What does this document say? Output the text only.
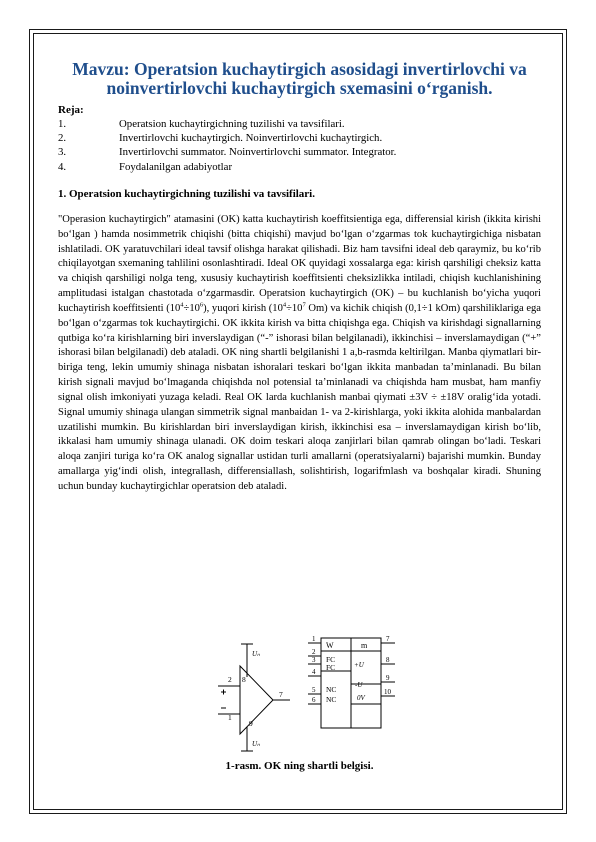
Mavzu: Operatsion kuchaytirgich asosidagi invertirlovchi va noinvertirlovchi kuchaytirgich sxemasini o‘rganish.
Reja:
1.	Operatsion kuchaytirgichning tuzilishi va tavsifilari.
2.	Invertirlovchi kuchaytirgich. Noinvertirlovchi kuchaytirgich.
3.	Invertirlovchi summator. Noinvertirlovchi summator. Integrator.
4.	Foydalanilgan adabiyotlar
1. Operatsion kuchaytirgichning tuzilishi va tavsifilari.

"Operasion kuchaytirgich" atamasini (OK) katta kuchaytirish koeffitsientiga ega, differensial kirish (ikkita kirishi bo‘lgan ) hamda nosimmetrik chiqishi (bitta chiqishi) mavjud bo‘lgan o‘zgarmas tok kuchaytirgichiga nisbatan ishlatiladi. OK yaratuvchilari ideal tavsif olishga harakat qilishadi. Biz ham tavsifni ideal deb qaraymiz, bu ko‘rib chiqilayotgan sxemaning tahlilini osonlashtiradi. Ideal OK quyidagi xossalarga ega: kirish qarshiligi cheksiz katta va chiqish qarshiligi nolga teng, xususiy kuchaytirish koeffitsienti cheksizlikka intiladi, chiqish kuchlanishining amplitudasi istalgan chastotada o‘zgarmasdir. Operatsion kuchaytirgich (OK) – bu kuchlanish bo‘yicha yuqori kuchaytirish koeffitsienti $(10^4\div 10^6)$, yuqori kirish ($10^4\div 10^7$ Om) va kichik chiqish (0,1÷1 kOm) qarshiliklariga ega bo‘lgan o‘zgarmas tok kuchaytirgichi. OK ikkita kirish va bitta chiqishga ega. Chiqish va kirishdagi signallarning qutbiga ko‘ra kirishlarning biri inverslaydigan (“-” ishorasi bilan belgilanadi), ikkinchisi – inverslamaydigan (“+” ishorasi bilan belgilanadi) deb ataladi. OK ning shartli belgilanishi 1 a,b-rasmda keltirilgan. Manba qiymatlari bir-biriga teng, lekin umumiy shinaga nisbatan ishoralari teskari bo‘lgan ikkita manbadan ta’minlanadi. Bu bilan kirish signali mavjud bo‘lmaganda chiqishda nol potensial ta’minlanadi va chiqishda ham musbat, ham manfiy signal olish imkoniyati yuzaga keladi. Real OK larda kuchlanish manbai qiymati ±3V ÷ ±18V oralig‘ida yotadi. Signal umumiy shinaga ulangan simmetrik signal manbaidan 1- va 2-kirishlarga, yoki ikkita alohida manbalardan uzatilishi mumkin. Bu kirishlardan biri inverslaydigan kirish, ikkinchisi esa – inverslamaydigan kirish bo‘lib, ikkalasi ham umumiy shinaga ulanadi. OK doim teskari aloqa zanjirlari bilan qamrab olingan bo‘ladi. Teskari aloqa zanjiri turiga ko‘ra OK analog signallar ustidan turli amallarni (operatsiyalarni) bajarishi mumkin. Bunday amallarga yig‘indi olish, integrallash, differensiallash, solishtirish, logarifmlash va boshqalar kiradi. Shuning uchun bunday kuchaytirgichlar operatsion deb ataladi.

Uₙ
Uₙ
2 8
1
7
9
W	m
FC
FC
NC
NC
+U
-U
0V
1
2
3
4
5
6
7
8
9
10
1-rasm. OK ning shartli belgisi.
